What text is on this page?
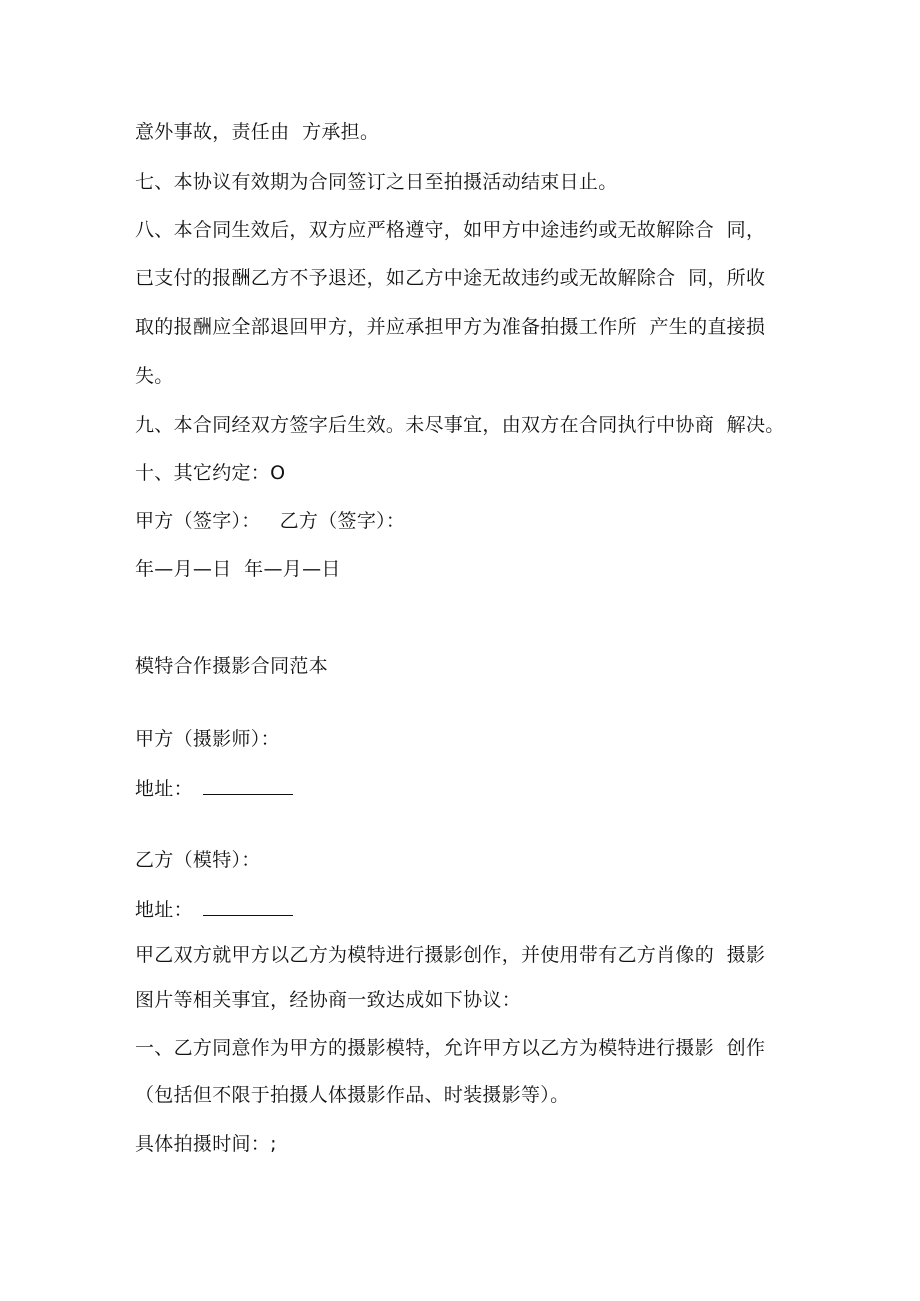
意外事故，责任由  方承担。
七、本协议有效期为合同签订之日至拍摄活动结束日止。
八、本合同生效后，双方应严格遵守，如甲方中途违约或无故解除合  同，
已支付的报酬乙方不予退还，如乙方中途无故违约或无故解除合  同，所收
取的报酬应全部退回甲方，并应承担甲方为准备拍摄工作所  产生的直接损
失。
九、本合同经双方签字后生效。未尽事宜，由双方在合同执行中协商  解决。
十、其它约定：O
甲方（签字）：   乙方（签字）：
年—月—日  年—月—日
模特合作摄影合同范本
甲方（摄影师）：
地址：
乙方（模特）：
地址：
甲乙双方就甲方以乙方为模特进行摄影创作，并使用带有乙方肖像的  摄影
图片等相关事宜，经协商一致达成如下协议：
一、乙方同意作为甲方的摄影模特，允许甲方以乙方为模特进行摄影  创作
（包括但不限于拍摄人体摄影作品、时装摄影等）。
具体拍摄时间：;
